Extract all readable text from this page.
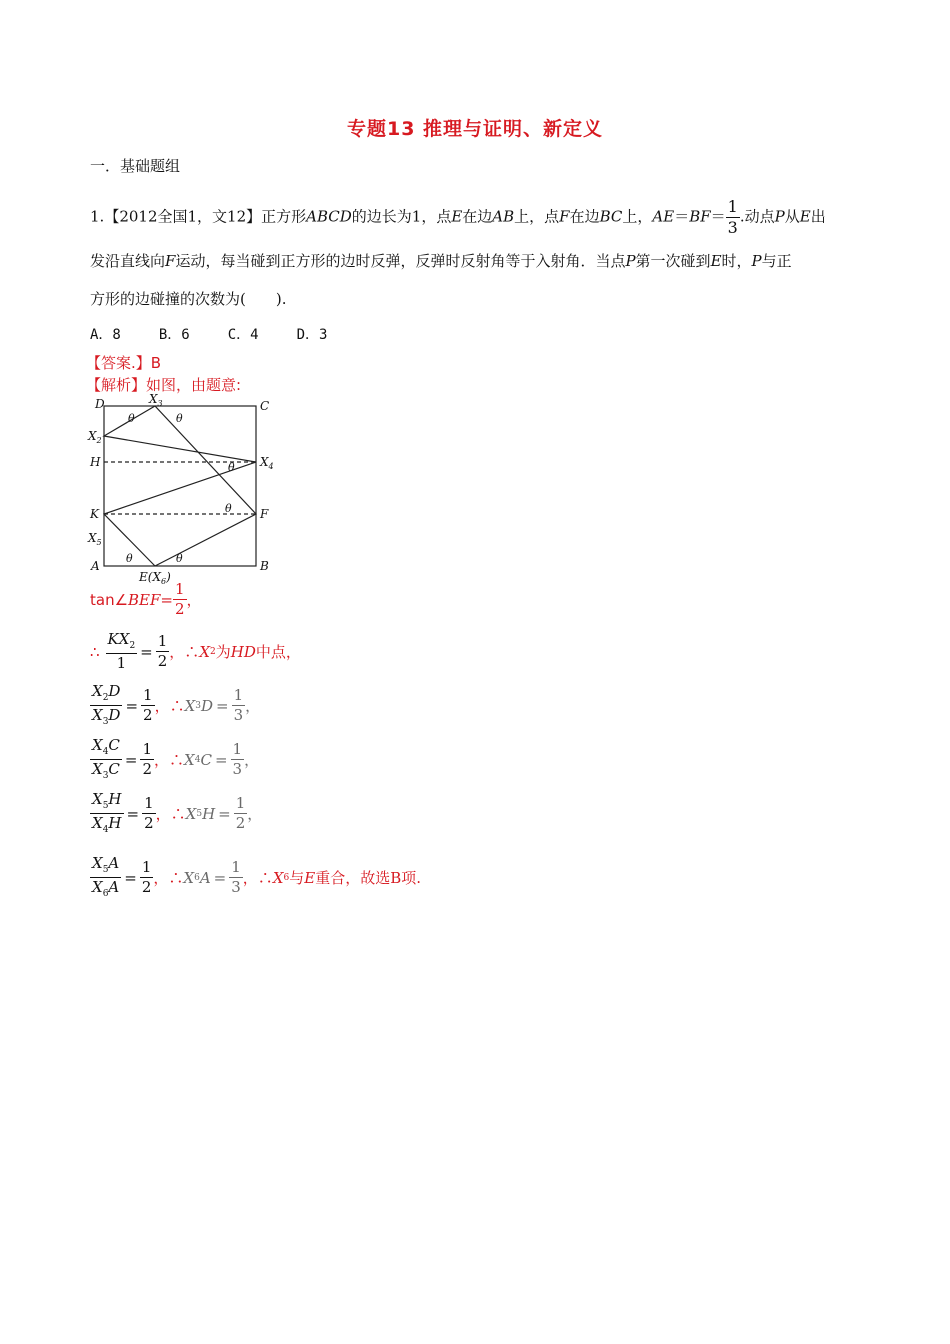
专题13 推理与证明、新定义
一．基础题组
1.【2012全国1，文12】正方形ABCD的边长为1，点E在边AB上，点F在边BC上，$AE=BF= \frac{1}{3}$ .动点P从E出
发沿直线向F运动，每当碰到正方形的边时反弹，反弹时反射角等于入射角．当点P第一次碰到E时，P与正
方形的边碰撞的次数为(　　).
A．8	B．6	C．4	D．3
【答案.】B
【解析】如图，由题意:
D	C
A	B
H
K	F
$X_2$
$X_3$
$X_4$
$X_5$
$E(X_6)$
θ	θ
θ
θ
θ	θ
tan∠ BEF = $\frac{1}{2}$ ，
∴ $\frac{KX_2}{1} = \frac{1}{2}$ ，∴ X 2 为 HD 中点，
$\frac{X_2D}{X_3D} = \frac{1}{2}$ ，∴ X 3 $D = \frac{1}{3}$ ，
$\frac{X_4C}{X_3C} = \frac{1}{2}$ ，∴ X 4 $C = \frac{1}{3}$ ，
$\frac{X_5H}{X_4H} = \frac{1}{2}$ ，∴ X 5 $H = \frac{1}{2}$ ，
$\frac{X_5A}{X_6A} = \frac{1}{2}$ ，∴ X 6 $A = \frac{1}{3}$ ，∴ X 6 与 E 重合，故选B项.
